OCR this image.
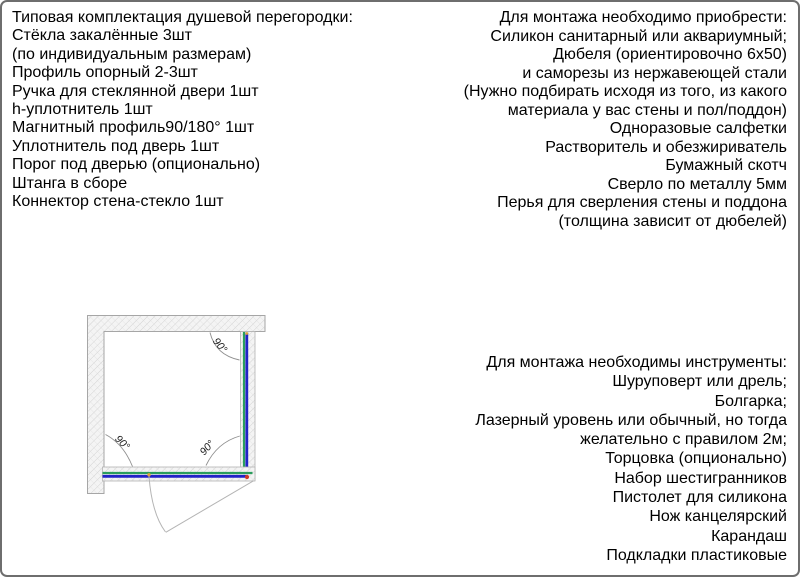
Типовая комплектация душевой перегородки:
Стёкла закалённые 3шт
(по индивидуальным размерам)
Профиль опорный 2-3шт
Ручка для стеклянной двери 1шт
h-уплотнитель 1шт
Магнитный профиль90/180° 1шт
Уплотнитель под дверь 1шт
Порог под дверью (опционально)
Штанга в сборе
Коннектор стена-стекло 1шт
Для монтажа необходимо приобрести:
Силикон санитарный или аквариумный;
Дюбеля (ориентировочно 6х50)
и саморезы из нержавеющей стали
(Нужно подбирать исходя из того, из какого
материала у вас стены и пол/поддон)
Одноразовые салфетки
Растворитель и обезжириватель
Бумажный скотч
Сверло по металлу 5мм
Перья для сверления стены и поддона
(толщина зависит от дюбелей)
Для монтажа необходимы инструменты:
Шуруповерт или дрель;
Болгарка;
Лазерный уровень или обычный, но тогда
желательно с правилом 2м;
Торцовка (опционально)
Набор шестигранников
Пистолет для силикона
Нож канцелярский
Карандаш
Подкладки пластиковые
90°
90°	90°
